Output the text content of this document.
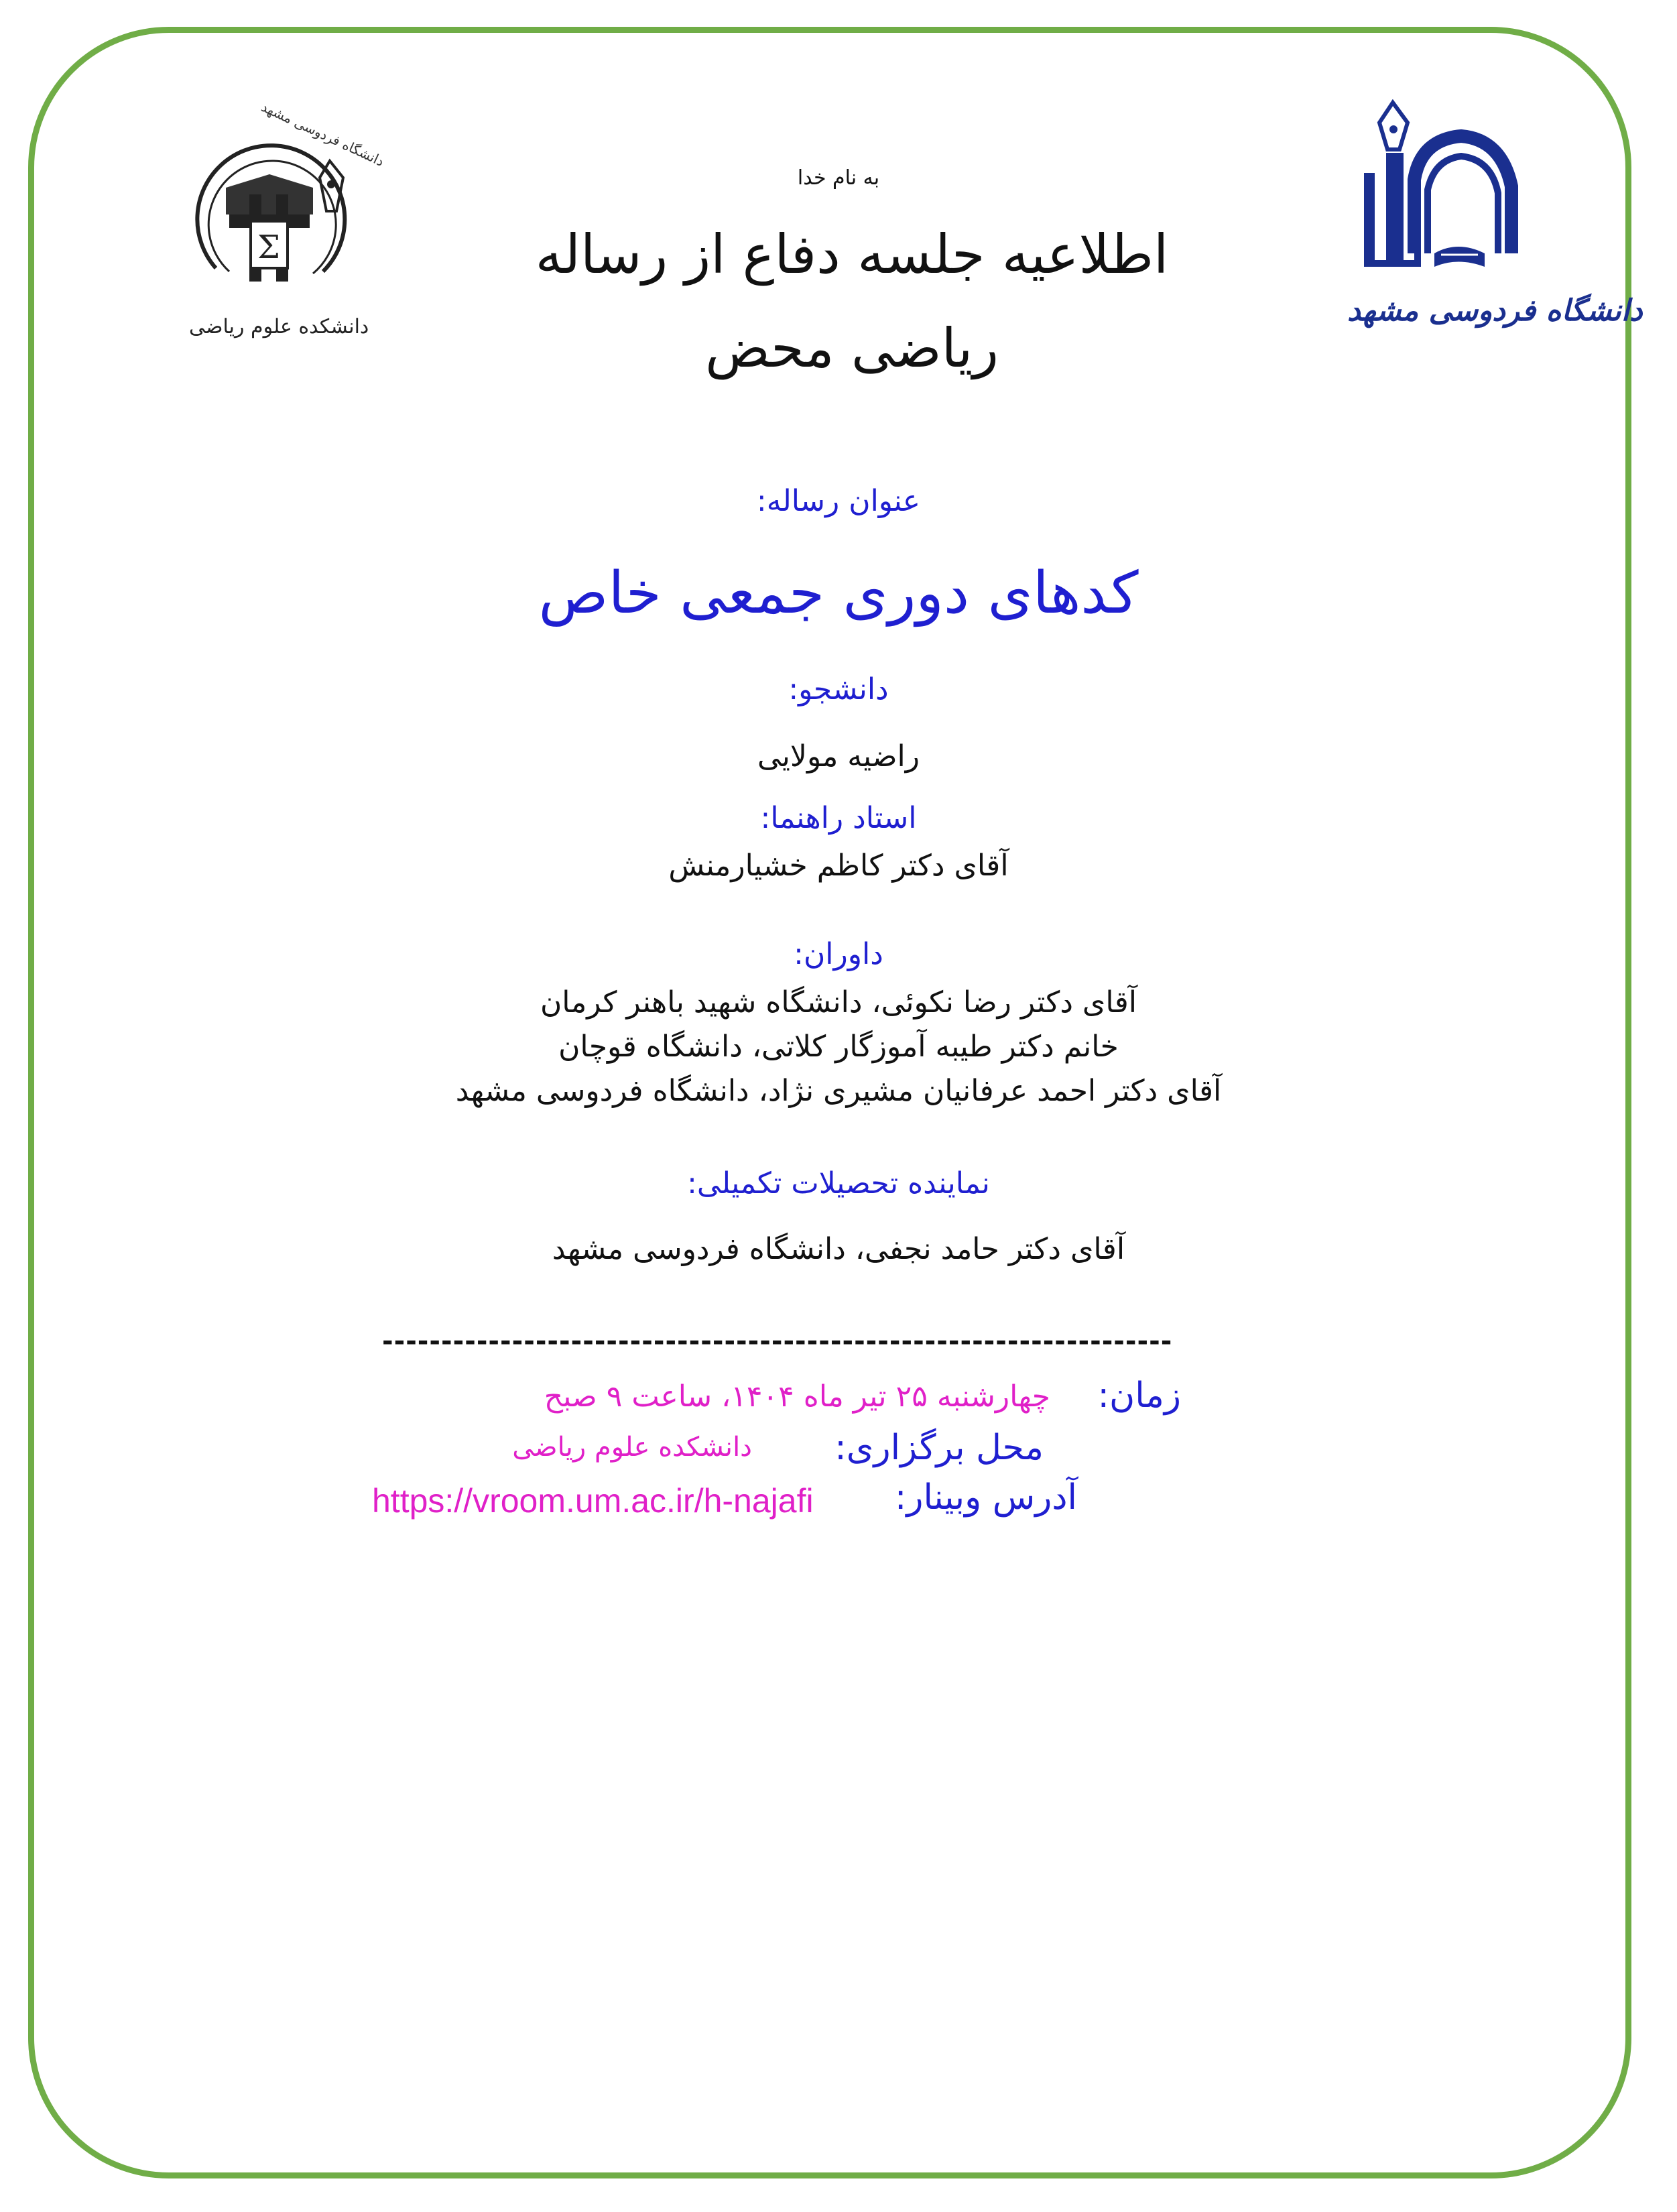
Σ
دانشگاه فردوسی مشهد
دانشکده علوم ریاضی	دانشگاه فردوسی مشهد
به نام خدا
اطلاعیه جلسه دفاع از رساله
ریاضی محض
عنوان رساله:
کدهای دوری جمعی خاص
دانشجو:
راضیه مولایی
استاد راهنما:
آقای دکتر کاظم خشیارمنش
داوران:
آقای دکتر رضا نکوئی، دانشگاه شهید باهنر کرمان
خانم دکتر طیبه آموزگار کلاتی، دانشگاه قوچان
آقای دکتر احمد عرفانیان مشیری نژاد، دانشگاه فردوسی مشهد
نماینده تحصیلات تکمیلی:
آقای دکتر حامد نجفی، دانشگاه فردوسی مشهد
-------------------------------------------------------------------
زمان:
چهارشنبه ۲۵ تیر ماه ۱۴۰۴، ساعت ۹ صبح
محل برگزاری:
دانشکده علوم ریاضی
آدرس وبینار:
https://vroom.um.ac.ir/h-najafi
